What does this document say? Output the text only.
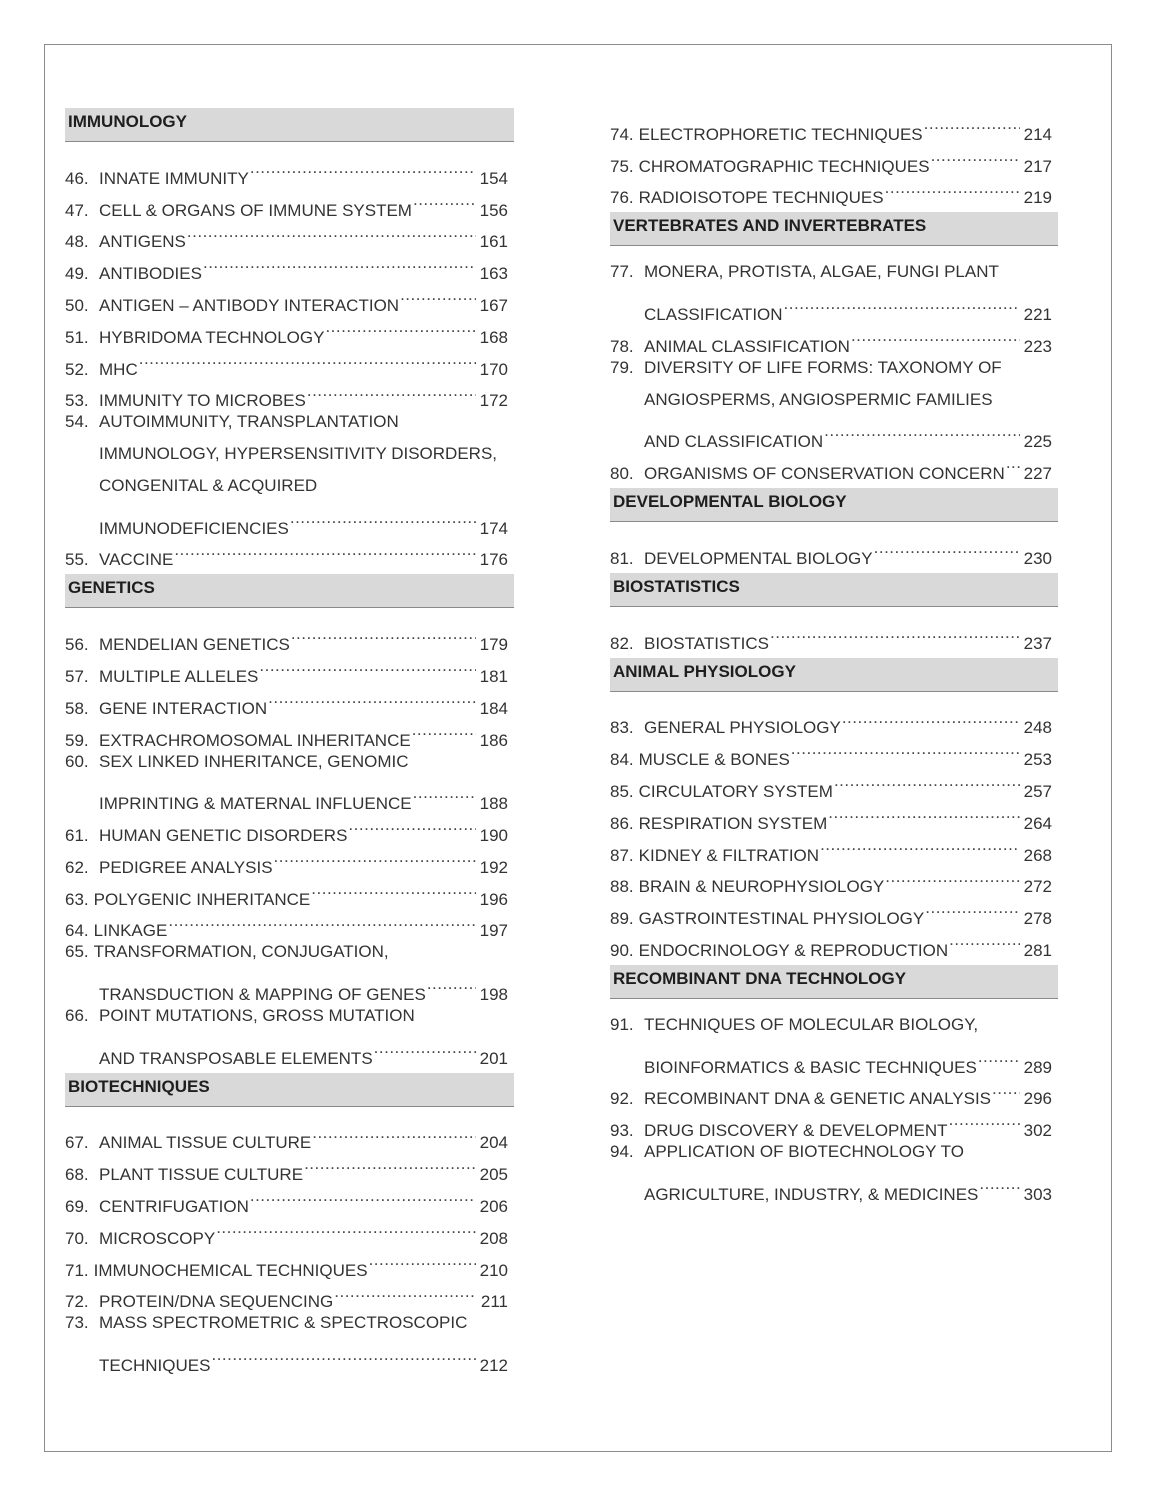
IMMUNOLOGY
46. INNATE IMMUNITY .....	154
47. CELL & ORGANS OF IMMUNE SYSTEM .....	156
48. ANTIGENS .....	161
49. ANTIBODIES .....	163
50. ANTIGEN – ANTIBODY INTERACTION .....	167
51. HYBRIDOMA TECHNOLOGY .....	168
52. MHC .....	170
53. IMMUNITY TO MICROBES .....	172
54. AUTOIMMUNITY, TRANSPLANTATION
IMMUNOLOGY, HYPERSENSITIVITY DISORDERS,
CONGENITAL & ACQUIRED
IMMUNODEFICIENCIES .....	174
55. VACCINE .....	176
GENETICS
56. MENDELIAN GENETICS .....	179
57. MULTIPLE ALLELES .....	181
58. GENE INTERACTION .....	184
59. EXTRACHROMOSOMAL INHERITANCE .....	186
60. SEX LINKED INHERITANCE, GENOMIC
IMPRINTING & MATERNAL INFLUENCE .....	188
61. HUMAN GENETIC DISORDERS .....	190
62. PEDIGREE ANALYSIS .....	192
63. POLYGENIC INHERITANCE .....	196
64. LINKAGE .....	197
65. TRANSFORMATION, CONJUGATION,
TRANSDUCTION & MAPPING OF GENES .....	198
66. POINT MUTATIONS, GROSS MUTATION
AND TRANSPOSABLE ELEMENTS .....	201
BIOTECHNIQUES
67. ANIMAL TISSUE CULTURE .....	204
68. PLANT TISSUE CULTURE .....	205
69. CENTRIFUGATION .....	206
70. MICROSCOPY .....	208
71. IMMUNOCHEMICAL TECHNIQUES .....	210
72. PROTEIN/DNA SEQUENCING .....	211
73. MASS SPECTROMETRIC & SPECTROSCOPIC
TECHNIQUES .....	212
74. ELECTROPHORETIC TECHNIQUES .....	214
75. CHROMATOGRAPHIC TECHNIQUES .....	217
76. RADIOISOTOPE TECHNIQUES .....	219
VERTEBRATES AND INVERTEBRATES
77. MONERA, PROTISTA, ALGAE, FUNGI PLANT
CLASSIFICATION .....	221
78. ANIMAL CLASSIFICATION .....	223
79. DIVERSITY OF LIFE FORMS: TAXONOMY OF
ANGIOSPERMS, ANGIOSPERMIC FAMILIES
AND CLASSIFICATION .....	225
80. ORGANISMS OF CONSERVATION CONCERN ..... 227
DEVELOPMENTAL BIOLOGY
81. DEVELOPMENTAL BIOLOGY .....	230
BIOSTATISTICS
82. BIOSTATISTICS .....	237
ANIMAL PHYSIOLOGY
83. GENERAL PHYSIOLOGY .....	248
84. MUSCLE & BONES .....	253
85. CIRCULATORY SYSTEM .....	257
86. RESPIRATION SYSTEM .....	264
87. KIDNEY & FILTRATION .....	268
88. BRAIN & NEUROPHYSIOLOGY .....	272
89. GASTROINTESTINAL PHYSIOLOGY .....	278
90. ENDOCRINOLOGY & REPRODUCTION .....	281
RECOMBINANT DNA TECHNOLOGY
91. TECHNIQUES OF MOLECULAR BIOLOGY,
BIOINFORMATICS & BASIC TECHNIQUES .....	289
92. RECOMBINANT DNA & GENETIC ANALYSIS ..... 296
93. DRUG DISCOVERY & DEVELOPMENT .....	302
94. APPLICATION OF BIOTECHNOLOGY TO
AGRICULTURE, INDUSTRY, & MEDICINES .....	303
